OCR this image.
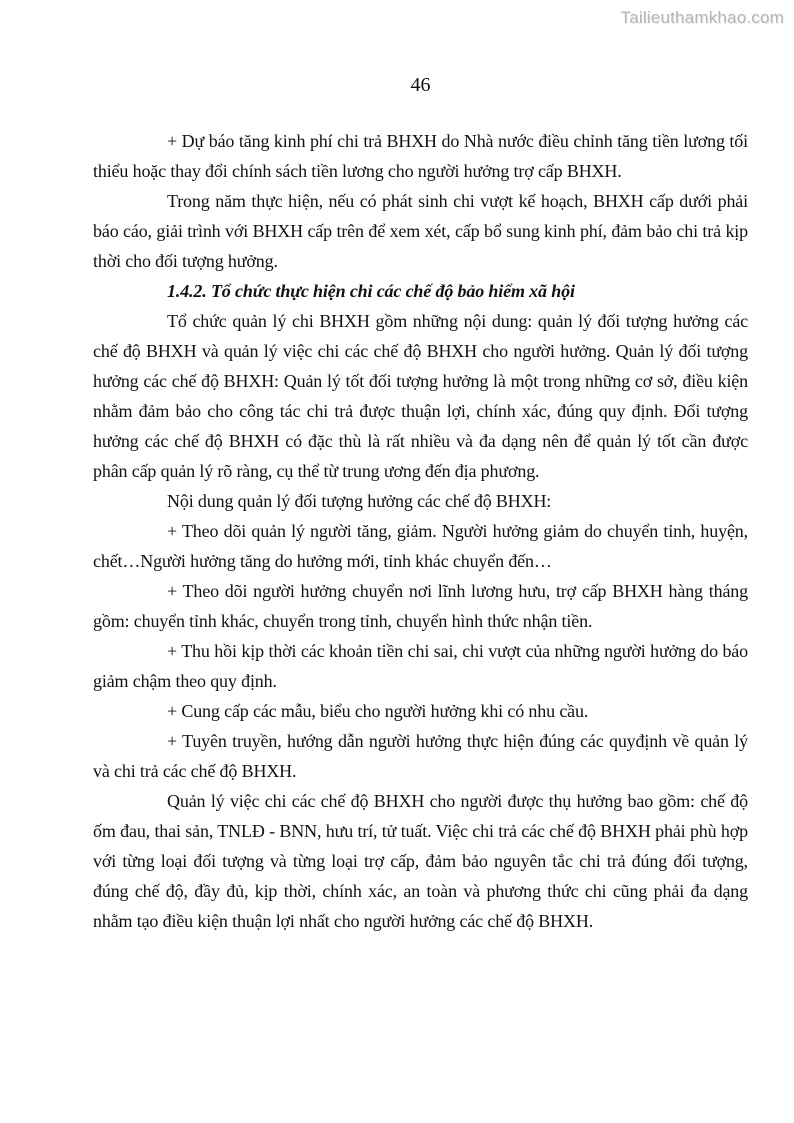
Tailieuthamkhao.com
46

+ Dự báo tăng kinh phí chi trả BHXH do Nhà nước điều chỉnh tăng tiền lương tối thiểu hoặc thay đổi chính sách tiền lương cho người hưởng trợ cấp BHXH.

Trong năm thực hiện, nếu có phát sinh chi vượt kế hoạch, BHXH cấp dưới phải báo cáo, giải trình với BHXH cấp trên để xem xét, cấp bổ sung kinh phí, đảm bảo chi trả kịp thời cho đối tượng hưởng.

1.4.2. Tổ chức thực hiện chi các chế độ bảo hiểm xã hội

Tổ chức quản lý chi BHXH gồm những nội dung: quản lý đối tượng hưởng các chế độ BHXH và quản lý việc chi các chế độ BHXH cho người hưởng. Quản lý đối tượng hưởng các chế độ BHXH: Quản lý tốt đối tượng hưởng là một trong những cơ sở, điều kiện nhằm đảm bảo cho công tác chi trả được thuận lợi, chính xác, đúng quy định. Đối tượng hưởng các chế độ BHXH có đặc thù là rất nhiều và đa dạng nên để quản lý tốt cần được phân cấp quản lý rõ ràng, cụ thể từ trung ương đến địa phương.

Nội dung quản lý đối tượng hưởng các chế độ BHXH:

+ Theo dõi quản lý người tăng, giảm. Người hưởng giảm do chuyển tỉnh, huyện, chết…Người hưởng tăng do hưởng mới, tỉnh khác chuyển đến…

+ Theo dõi người hưởng chuyển nơi lĩnh lương hưu, trợ cấp BHXH hàng tháng gồm: chuyển tỉnh khác, chuyển trong tỉnh, chuyển hình thức nhận tiền.

+ Thu hồi kịp thời các khoản tiền chi sai, chi vượt của những người hưởng do báo giảm chậm theo quy định.

+ Cung cấp các mẫu, biểu cho người hưởng khi có nhu cầu.

+ Tuyên truyền, hướng dẫn người hưởng thực hiện đúng các quyđịnh về quản lý và chi trả các chế độ BHXH.

Quản lý việc chi các chế độ BHXH cho người được thụ hưởng bao gồm: chế độ ốm đau, thai sản, TNLĐ - BNN, hưu trí, tử tuất. Việc chi trả các chế độ BHXH phải phù hợp với từng loại đối tượng và từng loại trợ cấp, đảm bảo nguyên tắc chi trả đúng đối tượng, đúng chế độ, đầy đủ, kịp thời, chính xác, an toàn và phương thức chi cũng phải đa dạng nhằm tạo điều kiện thuận lợi nhất cho người hưởng các chế độ BHXH.
